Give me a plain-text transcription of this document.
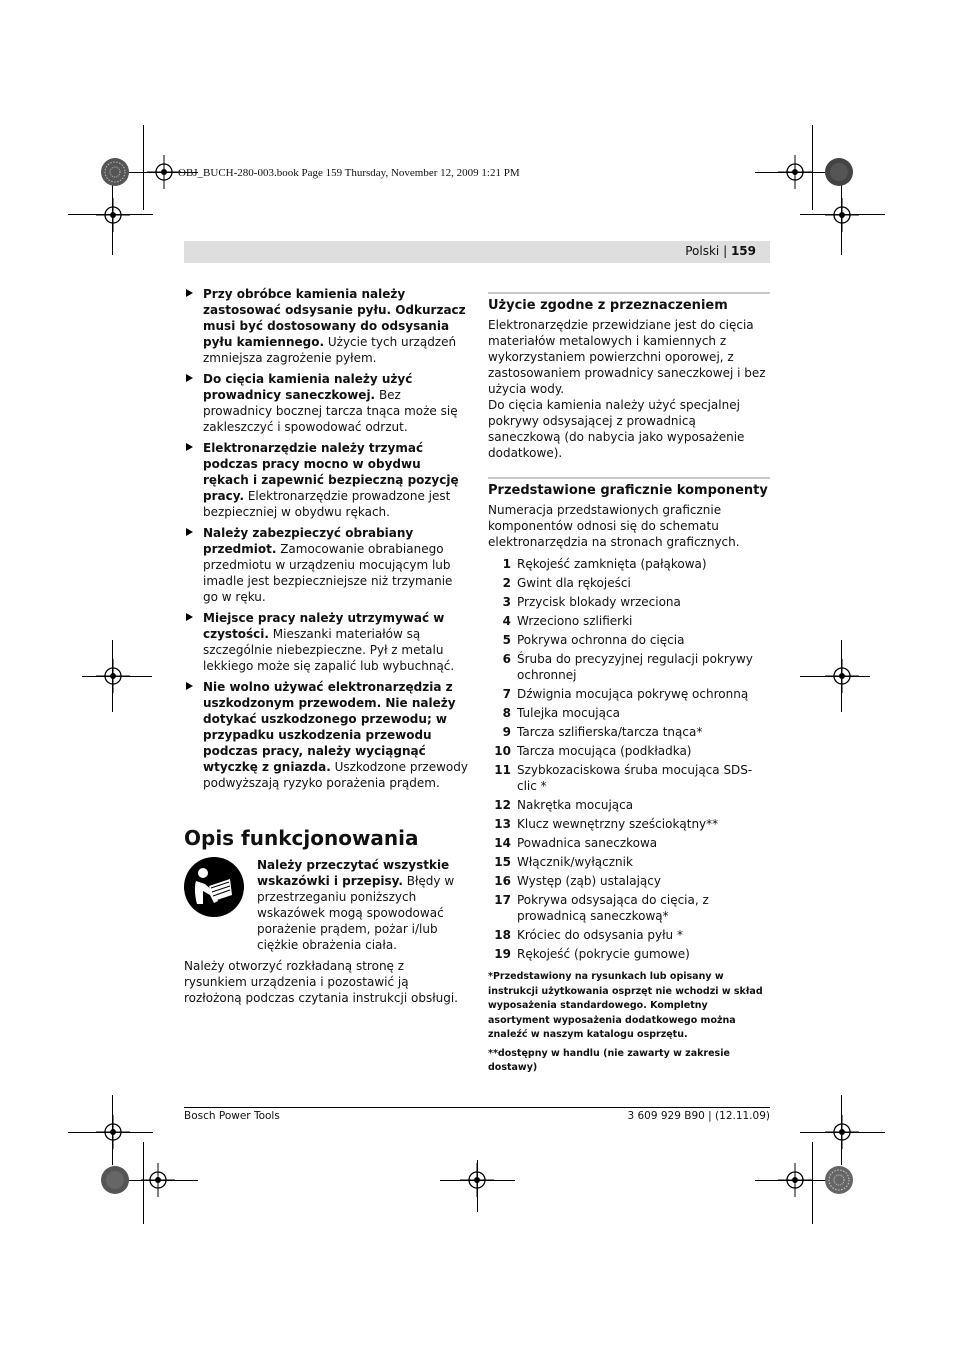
OBJ_BUCH-280-003.book Page 159 Thursday, November 12, 2009 1:21 PM
Polski | 159
Przy obróbce kamienia należy zastosować odsysanie pyłu. Odkurzacz musi być dostosowany do odsysania pyłu kamiennego. Użycie tych urządzeń zmniejsza zagrożenie pyłem.
Do cięcia kamienia należy użyć prowadnicy saneczkowej. Bez prowadnicy bocznej tarcza tnąca może się zakleszczyć i spowodować odrzut.
Elektronarzędzie należy trzymać podczas pracy mocno w obydwu rękach i zapewnić bezpieczną pozycję pracy. Elektronarzędzie prowadzone jest bezpieczniej w obydwu rękach.
Należy zabezpieczyć obrabiany przedmiot. Zamocowanie obrabianego przedmiotu w urządzeniu mocującym lub imadle jest bezpieczniejsze niż trzymanie go w ręku.
Miejsce pracy należy utrzymywać w czystości. Mieszanki materiałów są szczególnie niebezpieczne. Pył z metalu lekkiego może się zapalić lub wybuchnąć.
Nie wolno używać elektronarzędzia z uszkodzonym przewodem. Nie należy dotykać uszkodzonego przewodu; w przypadku uszkodzenia przewodu podczas pracy, należy wyciągnąć wtyczkę z gniazda. Uszkodzone przewody podwyższają ryzyko porażenia prądem.
Opis funkcjonowania
Należy przeczytać wszystkie wskazówki i przepisy. Błędy w przestrzeganiu poniższych wskazówek mogą spowodować porażenie prądem, pożar i/lub ciężkie obrażenia ciała.

Należy otworzyć rozkładaną stronę z rysunkiem urządzenia i pozostawić ją rozłożoną podczas czytania instrukcji obsługi.

Użycie zgodne z przeznaczeniem

Elektronarzędzie przewidziane jest do cięcia materiałów metalowych i kamiennych z wykorzystaniem powierzchni oporowej, z zastosowaniem prowadnicy saneczkowej i bez użycia wody.

Do cięcia kamienia należy użyć specjalnej pokrywy odsysającej z prowadnicą saneczkową (do nabycia jako wyposażenie dodatkowe).

Przedstawione graficznie komponenty

Numeracja przedstawionych graficznie komponentów odnosi się do schematu elektronarzędzia na stronach graficznych.

1 Rękojeść zamknięta (pałąkowa)
2 Gwint dla rękojeści
3 Przycisk blokady wrzeciona
4 Wrzeciono szlifierki
5 Pokrywa ochronna do cięcia
6 Śruba do precyzyjnej regulacji pokrywy ochronnej
7 Dźwignia mocująca pokrywę ochronną
8 Tulejka mocująca
9 Tarcza szlifierska/tarcza tnąca*
10 Tarcza mocująca (podkładka)
11 Szybkozaciskowa śruba mocująca SDS-clic *
12 Nakrętka mocująca
13 Klucz wewnętrzny sześciokątny**
14 Powadnica saneczkowa
15 Włącznik/wyłącznik
16 Występ (ząb) ustalający
17 Pokrywa odsysająca do cięcia, z prowadnicą saneczkową*
18 Króciec do odsysania pyłu *
19 Rękojeść (pokrycie gumowe)
*Przedstawiony na rysunkach lub opisany w instrukcji użytkowania osprzęt nie wchodzi w skład wyposażenia standardowego. Kompletny asortyment wyposażenia dodatkowego można znaleźć w naszym katalogu osprzętu.
**dostępny w handlu (nie zawarty w zakresie dostawy)
Bosch Power Tools	3 609 929 B90 | (12.11.09)
